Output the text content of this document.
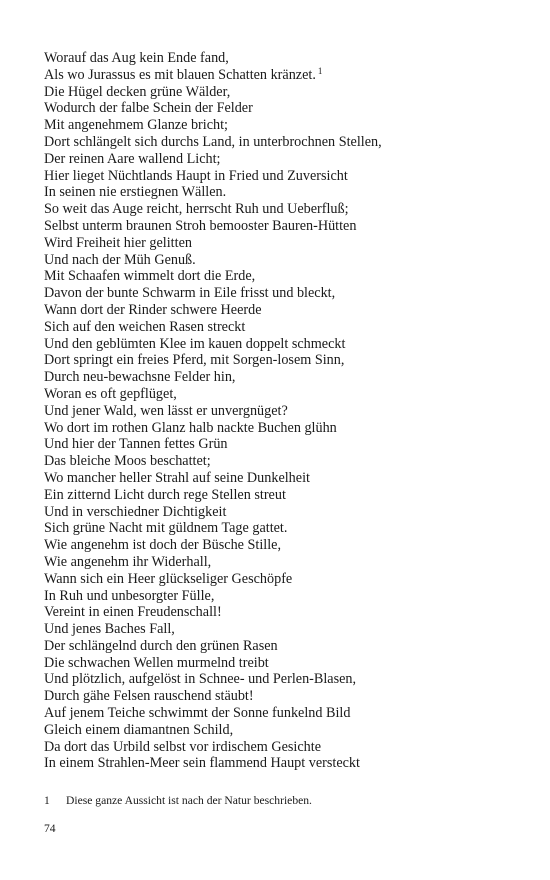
Worauf das Aug kein Ende fand,
Als wo Jurassus es mit blauen Schatten kränzet. $^1$
Die Hügel decken grüne Wälder,
Wodurch der falbe Schein der Felder
Mit angenehmem Glanze bricht;
Dort schlängelt sich durchs Land, in unterbrochnen Stellen,
Der reinen Aare wallend Licht;
Hier lieget Nüchtlands Haupt in Fried und Zuversicht
In seinen nie erstiegnen Wällen.
So weit das Auge reicht, herrscht Ruh und Ueberfluß;
Selbst unterm braunen Stroh bemooster Bauren-Hütten
Wird Freiheit hier gelitten
Und nach der Müh Genuß.
Mit Schaafen wimmelt dort die Erde,
Davon der bunte Schwarm in Eile frisst und bleckt,
Wann dort der Rinder schwere Heerde
Sich auf den weichen Rasen streckt
Und den geblümten Klee im kauen doppelt schmeckt
Dort springt ein freies Pferd, mit Sorgen-losem Sinn,
Durch neu-bewachsne Felder hin,
Woran es oft gepflüget,
Und jener Wald, wen lässt er unvergnüget?
Wo dort im rothen Glanz halb nackte Buchen glühn
Und hier der Tannen fettes Grün
Das bleiche Moos beschattet;
Wo mancher heller Strahl auf seine Dunkelheit
Ein zitternd Licht durch rege Stellen streut
Und in verschiedner Dichtigkeit
Sich grüne Nacht mit güldnem Tage gattet.
Wie angenehm ist doch der Büsche Stille,
Wie angenehm ihr Widerhall,
Wann sich ein Heer glückseliger Geschöpfe
In Ruh und unbesorgter Fülle,
Vereint in einen Freudenschall!
Und jenes Baches Fall,
Der schlängelnd durch den grünen Rasen
Die schwachen Wellen murmelnd treibt
Und plötzlich, aufgelöst in Schnee- und Perlen-Blasen,
Durch gähe Felsen rauschend stäubt!
Auf jenem Teiche schwimmt der Sonne funkelnd Bild
Gleich einem diamantnen Schild,
Da dort das Urbild selbst vor irdischem Gesichte
In einem Strahlen-Meer sein flammend Haupt versteckt
1 Diese ganze Aussicht ist nach der Natur beschrieben.
74
